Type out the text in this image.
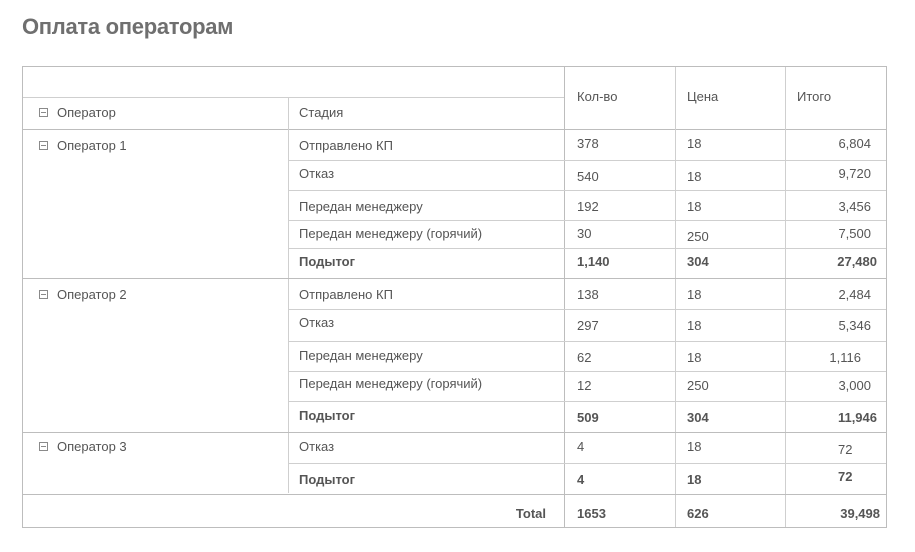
Оплата операторам
Оператор	Стадия
Кол-во	Цена	Итого
Оператор 1	Отправлено КП	378	18	6,804
Отказ	540	18	9,720
Передан менеджеру	192	18	3,456
Передан менеджеру (горячий)	30	250	7,500
Подытог	1,140	304	27,480
Оператор 2	Отправлено КП	138	18	2,484
Отказ	297	18	5,346
Передан менеджеру	62	18	1,116
Передан менеджеру (горячий)	12	250	3,000
Подытог	509	304	11,946
Оператор 3	Отказ	4	18	72
Подытог	4	18	72
Total 1653	626	39,498
